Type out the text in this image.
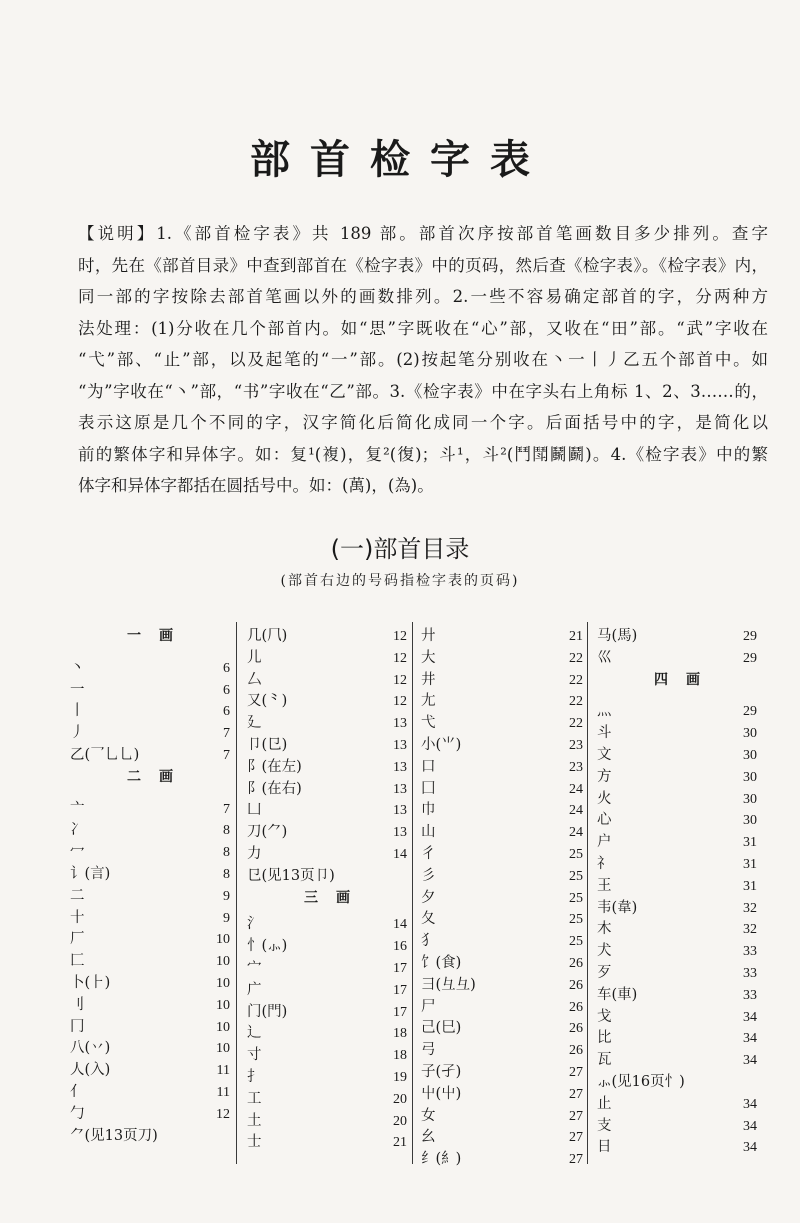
部首检字表
【说明】1.《部首检字表》共 189 部。部首次序按部首笔画数目多少排列。查字
时，先在《部首目录》中查到部首在《检字表》中的页码，然后查《检字表》。《检字表》内，
同一部的字按除去部首笔画以外的画数排列。2.一些不容易确定部首的字，分两种方
法处理：(1)分收在几个部首内。如“思”字既收在“心”部，又收在“田”部。“武”字收在
“弋”部、“止”部，以及起笔的“一”部。(2)按起笔分别收在丶一丨丿乙五个部首中。如
“为”字收在“丶”部，“书”字收在“乙”部。3.《检字表》中在字头右上角标 1、2、3……的，
表示这原是几个不同的字，汉字简化后简化成同一个字。后面括号中的字，是简化以
前的繁体字和异体字。如：复¹(複)，复²(復)；斗¹，斗²(鬥鬦鬭鬬)。4.《检字表》中的繁
体字和异体字都括在圆括号中。如：(萬)，(為)。
(一)部首目录
(部首右边的号码指检字表的页码)
一画
丶	6
一	6
丨	6
丿	7
乙(乛乚乚)	7
二画
亠	7
冫	8
冖	8
讠(言)	8
二	9
十	9
厂	10
匚	10
卜(⺊)	10
刂	10
冂	10
八(丷)	10
人(入)	11
亻	11
勹	12
⺈(见13页刀)
几(⺇)	12
儿	12
厶	12
又(⺀)	12
廴	13
卩(㔾)	13
阝(在左)	13
阝(在右)	13
凵	13
刀(⺈)	13
力	14
㔾(见13页卩)
三画
氵	14
忄(⺗)	16
宀	17
广	17
门(門)	17
辶	18
寸	18
扌	19
工	20
土	20
士	21
廾	21
大	22
井	22
尢	22
弋	22
小(⺌)	23
口	23
囗	24
巾	24
山	24
彳	25
彡	25
夕	25
夂	25
犭	25
饣(食)	26
彐(彑彑)	26
尸	26
己(巳)	26
弓	26
子(孑)	27
屮(屮)	27
女	27
幺	27
纟(糹)	27
马(馬)	29
巛	29
四画
灬	29
斗	30
文	30
方	30
火	30
心	30
户	31
礻	31
王	31
韦(韋)	32
木	32
犬	33
歹	33
车(車)	33
戈	34
比	34
瓦	34
⺗(见16页忄)
止	34
支	34
日	34
